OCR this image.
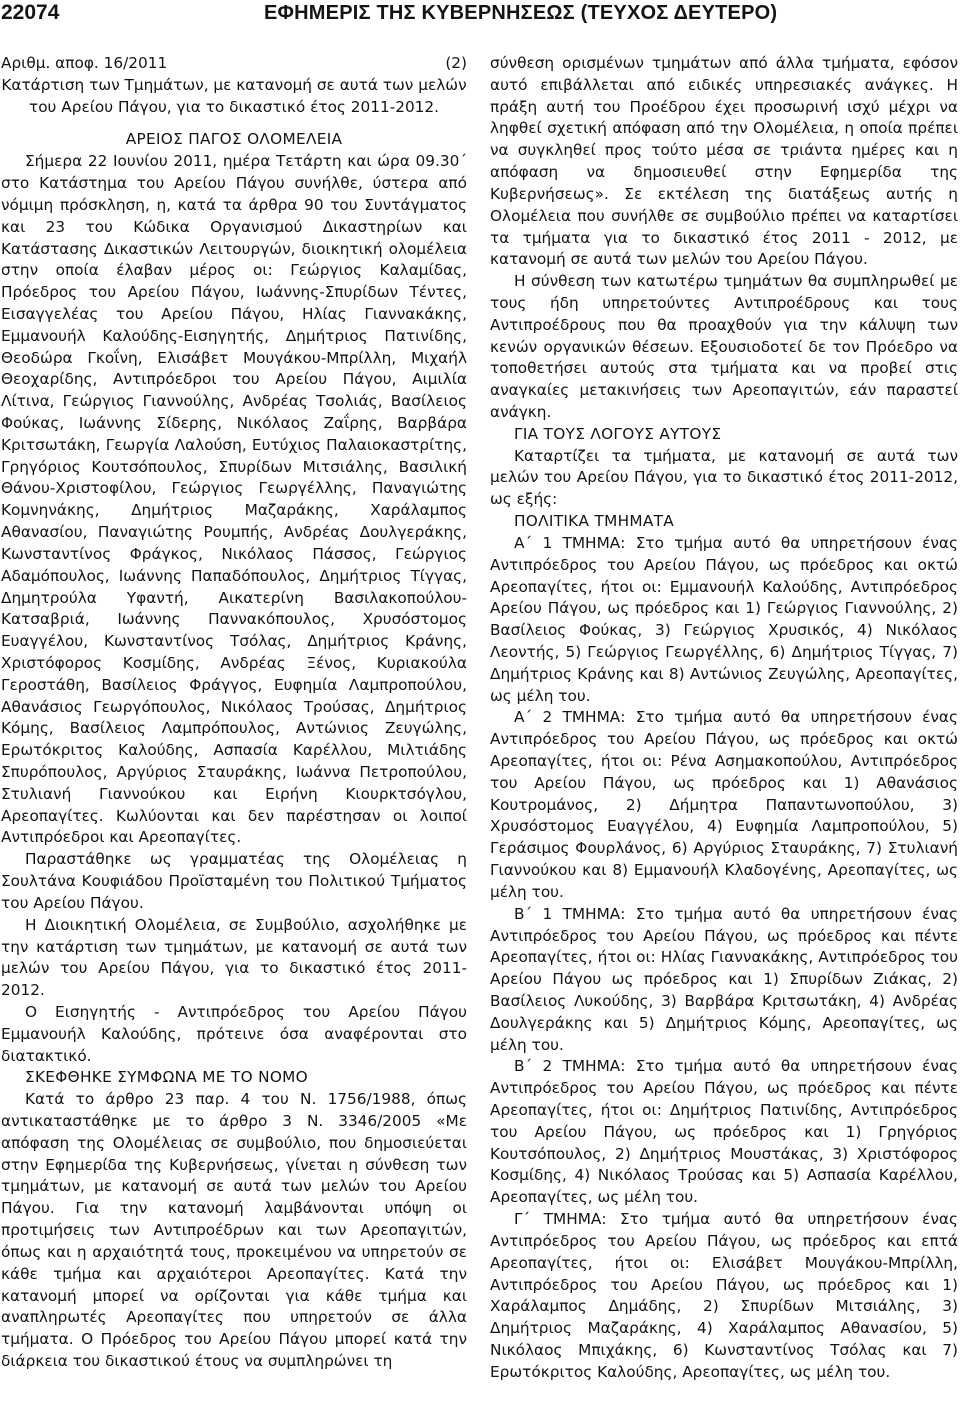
22074	ΕΦΗΜΕΡΙΣ ΤΗΣ ΚΥΒΕΡΝΗΣΕΩΣ (ΤΕΥΧΟΣ ΔΕΥΤΕΡΟ)
Αριθμ. αποφ. 16/2011	(2)

Κατάρτιση των Τμημάτων, με κατανομή σε αυτά των μελών του Αρείου Πάγου, για το δικαστικό έτος 2011-2012.

ΑΡΕΙΟΣ ΠΑΓΟΣ ΟΛΟΜΕΛΕΙΑ

Σήμερα 22 Ιουνίου 2011, ημέρα Τετάρτη και ώρα 09.30΄ στο Κατάστημα του Αρείου Πάγου συνήλθε, ύστερα από νόμιμη πρόσκληση, η, κατά τα άρθρα 90 του Συντάγματος και 23 του Κώδικα Οργανισμού Δικαστηρίων και Κατάστασης Δικαστικών Λειτουργών, διοικητική ολομέλεια στην οποία έλαβαν μέρος οι: Γεώργιος Καλαμίδας, Πρόεδρος του Αρείου Πάγου, Ιωάννης-Σπυρίδων Τέντες, Εισαγγελέας του Αρείου Πάγου, Ηλίας Γιαννακάκης, Εμμανουήλ Καλούδης-Εισηγητής, Δημήτριος Πατινίδης, Θεοδώρα Γκοΐνη, Ελισάβετ Μουγάκου-Μπρίλλη, Μιχαήλ Θεοχαρίδης, Αντιπρόεδροι του Αρείου Πάγου, Αιμιλία Λίτινα, Γεώργιος Γιαννούλης, Ανδρέας Τσολιάς, Βασίλειος Φούκας, Ιωάννης Σίδερης, Νικόλαος Ζαΐρης, Βαρβάρα Κριτσωτάκη, Γεωργία Λαλούση, Ευτύχιος Παλαιοκαστρίτης, Γρηγόριος Κουτσόπουλος, Σπυρίδων Μιτσιάλης, Βασιλική Θάνου-Χριστοφίλου, Γεώργιος Γεωργέλλης, Παναγιώτης Κομνηνάκης, Δημήτριος Μαζαράκης, Χαράλαμπος Αθανασίου, Παναγιώτης Ρουμπής, Ανδρέας Δουλγεράκης, Κωνσταντίνος Φράγκος, Νικόλαος Πάσσος, Γεώργιος Αδαμόπουλος, Ιωάννης Παπαδόπουλος, Δημήτριος Τίγγας, Δημητρούλα Υφαντή, Αικατερίνη Βασιλακοπούλου-Κατσαβριά, Ιωάννης Παννακόπουλος, Χρυσόστομος Ευαγγέλου, Κωνσταντίνος Τσόλας, Δημήτριος Κράνης, Χριστόφορος Κοσμίδης, Ανδρέας Ξένος, Κυριακούλα Γεροστάθη, Βασίλειος Φράγγος, Ευφημία Λαμπροπούλου, Αθανάσιος Γεωργόπουλος, Νικόλαος Τρούσας, Δημήτριος Κόμης, Βασίλειος Λαμπρόπουλος, Αντώνιος Ζευγώλης, Ερωτόκριτος Καλούδης, Ασπασία Καρέλλου, Μιλτιάδης Σπυρόπουλος, Αργύριος Σταυράκης, Ιωάννα Πετροπούλου, Στυλιανή Γιαννούκου και Ειρήνη Κιουρκτσόγλου, Αρεοπαγίτες. Κωλύονται και δεν παρέστησαν οι λοιποί Αντιπρόεδροι και Αρεοπαγίτες.

Παραστάθηκε ως γραμματέας της Ολομέλειας η Σουλτάνα Κουφιάδου Προϊσταμένη του Πολιτικού Τμήματος του Αρείου Πάγου.

Η Διοικητική Ολομέλεια, σε Συμβούλιο, ασχολήθηκε με την κατάρτιση των τμημάτων, με κατανομή σε αυτά των μελών του Αρείου Πάγου, για το δικαστικό έτος 2011- 2012.

Ο Εισηγητής - Αντιπρόεδρος του Αρείου Πάγου Εμμανουήλ Καλούδης, πρότεινε όσα αναφέρονται στο διατακτικό.

ΣΚΕΦΘΗΚΕ ΣΥΜΦΩΝΑ ΜΕ ΤΟ ΝΟΜΟ

Κατά το άρθρο 23 παρ. 4 του Ν. 1756/1988, όπως αντικαταστάθηκε με το άρθρο 3 Ν. 3346/2005 «Με απόφαση της Ολομέλειας σε συμβούλιο, που δημοσιεύεται στην Εφημερίδα της Κυβερνήσεως, γίνεται η σύνθεση των τμημάτων, με κατανομή σε αυτά των μελών του Αρείου Πάγου. Για την κατανομή λαμβάνονται υπόψη οι προτιμήσεις των Αντιπροέδρων και των Αρεοπαγιτών, όπως και η αρχαιότητά τους, προκειμένου να υπηρετούν σε κάθε τμήμα και αρχαιότεροι Αρεοπαγίτες. Κατά την κατανομή μπορεί να ορίζονται για κάθε τμήμα και αναπληρωτές Αρεοπαγίτες που υπηρετούν σε άλλα τμήματα. Ο Πρόεδρος του Αρείου Πάγου μπορεί κατά την διάρκεια του δικαστικού έτους να συμπληρώνει τη

σύνθεση ορισμένων τμημάτων από άλλα τμήματα, εφόσον αυτό επιβάλλεται από ειδικές υπηρεσιακές ανάγκες. Η πράξη αυτή του Προέδρου έχει προσωρινή ισχύ μέχρι να ληφθεί σχετική απόφαση από την Ολομέλεια, η οποία πρέπει να συγκληθεί προς τούτο μέσα σε τριάντα ημέρες και η απόφαση να δημοσιευθεί στην Εφημερίδα της Κυβερνήσεως». Σε εκτέλεση της διατάξεως αυτής η Ολομέλεια που συνήλθε σε συμβούλιο πρέπει να καταρτίσει τα τμήματα για το δικαστικό έτος 2011 - 2012, με κατανομή σε αυτά των μελών του Αρείου Πάγου.

Η σύνθεση των κατωτέρω τμημάτων θα συμπληρωθεί με τους ήδη υπηρετούντες Αντιπροέδρους και τους Αντιπροέδρους που θα προαχθούν για την κάλυψη των κενών οργανικών θέσεων. Εξουσιοδοτεί δε τον Πρόεδρο να τοποθετήσει αυτούς στα τμήματα και να προβεί στις αναγκαίες μετακινήσεις των Αρεοπαγιτών, εάν παραστεί ανάγκη.

ΓΙΑ ΤΟΥΣ ΛΟΓΟΥΣ ΑΥΤΟΥΣ

Καταρτίζει τα τμήματα, με κατανομή σε αυτά των μελών του Αρείου Πάγου, για το δικαστικό έτος 2011-2012, ως εξής:

ΠΟΛΙΤΙΚΑ ΤΜΗΜΑΤΑ

Α΄ 1 ΤΜΗΜΑ: Στο τμήμα αυτό θα υπηρετήσουν ένας Αντιπρόεδρος του Αρείου Πάγου, ως πρόεδρος και οκτώ Αρεοπαγίτες, ήτοι οι: Εμμανουήλ Καλούδης, Αντιπρόεδρος Αρείου Πάγου, ως πρόεδρος και 1) Γεώργιος Γιαννούλης, 2) Βασίλειος Φούκας, 3) Γεώργιος Χρυσικός, 4) Νικόλαος Λεοντής, 5) Γεώργιος Γεωργέλλης, 6) Δημήτριος Τίγγας, 7) Δημήτριος Κράνης και 8) Αντώνιος Ζευγώλης, Αρεοπαγίτες, ως μέλη του.

Α΄ 2 ΤΜΗΜΑ: Στο τμήμα αυτό θα υπηρετήσουν ένας Αντιπρόεδρος του Αρείου Πάγου, ως πρόεδρος και οκτώ Αρεοπαγίτες, ήτοι οι: Ρένα Ασημακοπούλου, Αντιπρόεδρος του Αρείου Πάγου, ως πρόεδρος και 1) Αθανάσιος Κουτρομάνος, 2) Δήμητρα Παπαντωνοπούλου, 3) Χρυσόστομος Ευαγγέλου, 4) Ευφημία Λαμπροπούλου, 5) Γεράσιμος Φουρλάνος, 6) Αργύριος Σταυράκης, 7) Στυλιανή Γιαννούκου και 8) Εμμανουήλ Κλαδογένης, Αρεοπαγίτες, ως μέλη του.

Β΄ 1 ΤΜΗΜΑ: Στο τμήμα αυτό θα υπηρετήσουν ένας Αντιπρόεδρος του Αρείου Πάγου, ως πρόεδρος και πέντε Αρεοπαγίτες, ήτοι οι: Ηλίας Γιαννακάκης, Αντιπρόεδρος του Αρείου Πάγου ως πρόεδρος και 1) Σπυρίδων Ζιάκας, 2) Βασίλειος Λυκούδης, 3) Βαρβάρα Κριτσωτάκη, 4) Ανδρέας Δουλγεράκης και 5) Δημήτριος Κόμης, Αρεοπαγίτες, ως μέλη του.

Β΄ 2 ΤΜΗΜΑ: Στο τμήμα αυτό θα υπηρετήσουν ένας Αντιπρόεδρος του Αρείου Πάγου, ως πρόεδρος και πέντε Αρεοπαγίτες, ήτοι οι: Δημήτριος Πατινίδης, Αντιπρόεδρος του Αρείου Πάγου, ως πρόεδρος και 1) Γρηγόριος Κουτσόπουλος, 2) Δημήτριος Μουστάκας, 3) Χριστόφορος Κοσμίδης, 4) Νικόλαος Τρούσας και 5) Ασπασία Καρέλλου, Αρεοπαγίτες, ως μέλη του.

Γ΄ ΤΜΗΜΑ: Στο τμήμα αυτό θα υπηρετήσουν ένας Αντιπρόεδρος του Αρείου Πάγου, ως πρόεδρος και επτά Αρεοπαγίτες, ήτοι οι: Ελισάβετ Μουγάκου-Μπρίλλη, Αντιπρόεδρος του Αρείου Πάγου, ως πρόεδρος και 1) Χαράλαμπος Δημάδης, 2) Σπυρίδων Μιτσιάλης, 3) Δημήτριος Μαζαράκης, 4) Χαράλαμπος Αθανασίου, 5) Νικόλαος Μπιχάκης, 6) Κωνσταντίνος Τσόλας και 7) Ερωτόκριτος Καλούδης, Αρεοπαγίτες, ως μέλη του.
